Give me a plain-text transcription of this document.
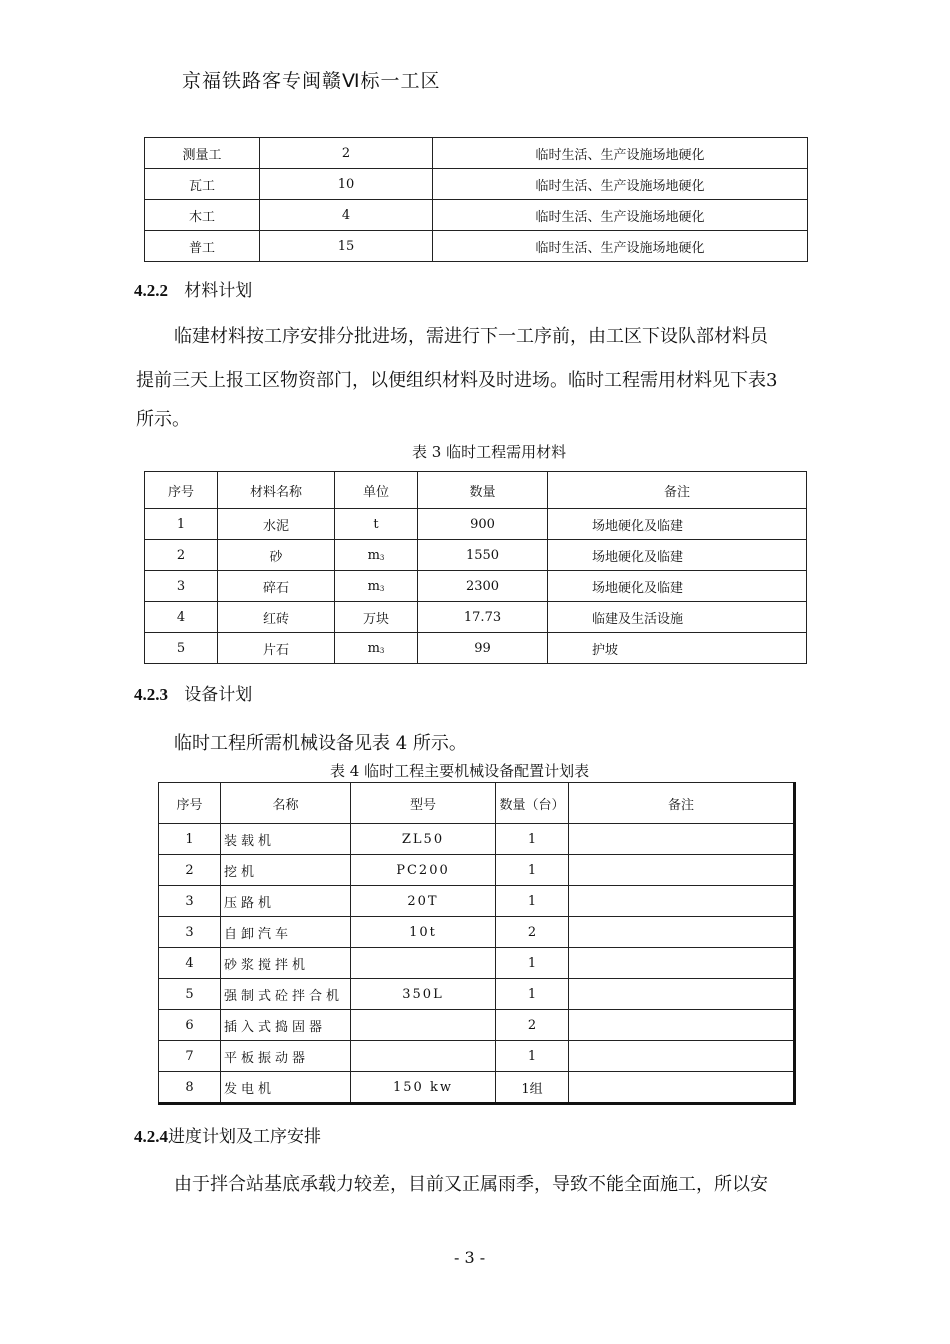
京福铁路客专闽赣Ⅵ标一工区
测量工	2	临时生活、生产设施场地硬化
瓦工	10	临时生活、生产设施场地硬化
木工	4	临时生活、生产设施场地硬化
普工	15	临时生活、生产设施场地硬化
4.2.2 材料计划
临建材料按工序安排分批进场，需进行下一工序前，由工区下设队部材料员
提前三天上报工区物资部门，以便组织材料及时进场。临时工程需用材料见下表3
所示。
表 3 临时工程需用材料
序号	材料名称	单位	数量	备注
1	水泥	t	900	场地硬化及临建
2	砂	$m_3$	1550	场地硬化及临建
3	碎石	$m_3$	2300	场地硬化及临建
4	红砖	万块	17.73	临建及生活设施
5	片石	$m_3$	99	护坡
4.2.3 设备计划
临时工程所需机械设备见表 4 所示。
表 4 临时工程主要机械设备配置计划表
序号	名称	型号	数量（台）	备注
1	装载机	ZL50	1	
2	挖机	PC200	1	
3	压路机	20T	1	
3	自卸汽车	10t	2	
4	砂浆搅拌机		1	
5	强制式砼拌合机	350L	1	
6	插入式捣固器		2	
7	平板振动器		1	
8	发电机	150 kw	1组	
4.2.4进度计划及工序安排
由于拌合站基底承载力较差，目前又正属雨季，导致不能全面施工，所以安
- 3 -
